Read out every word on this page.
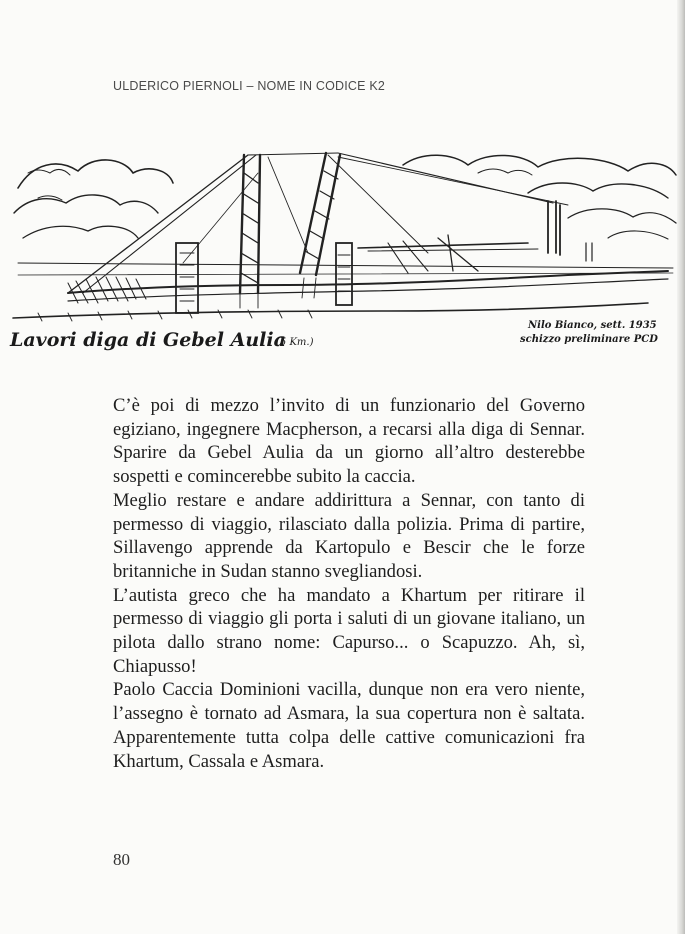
ULDERICO PIERNOLI – NOME IN CODICE K2
Lavori diga di Gebel Aulia
(5 Km.)
Nilo Bianco, sett. 1935
schizzo preliminare PCD

C’è poi di mezzo l’invito di un funzionario del Governo egiziano, ingegnere Macpherson, a recarsi alla diga di Sennar. Sparire da Gebel Aulia da un giorno all’altro desterebbe sospetti e comincerebbe subito la caccia.

Meglio restare e andare addirittura a Sennar, con tanto di permesso di viaggio, rilasciato dalla polizia. Prima di partire, Sillavengo apprende da Kartopulo e Bescir che le forze britanniche in Sudan stanno svegliandosi.

L’autista greco che ha mandato a Khartum per ritirare il permesso di viaggio gli porta i saluti di un giovane italiano, un pilota dallo strano nome: Capurso... o Scapuzzo. Ah, sì, Chiapusso!

Paolo Caccia Dominioni vacilla, dunque non era vero niente, l’assegno è tornato ad Asmara, la sua copertura non è saltata. Apparentemente tutta colpa delle cattive comunicazioni fra Khartum, Cassala e Asmara.

80
